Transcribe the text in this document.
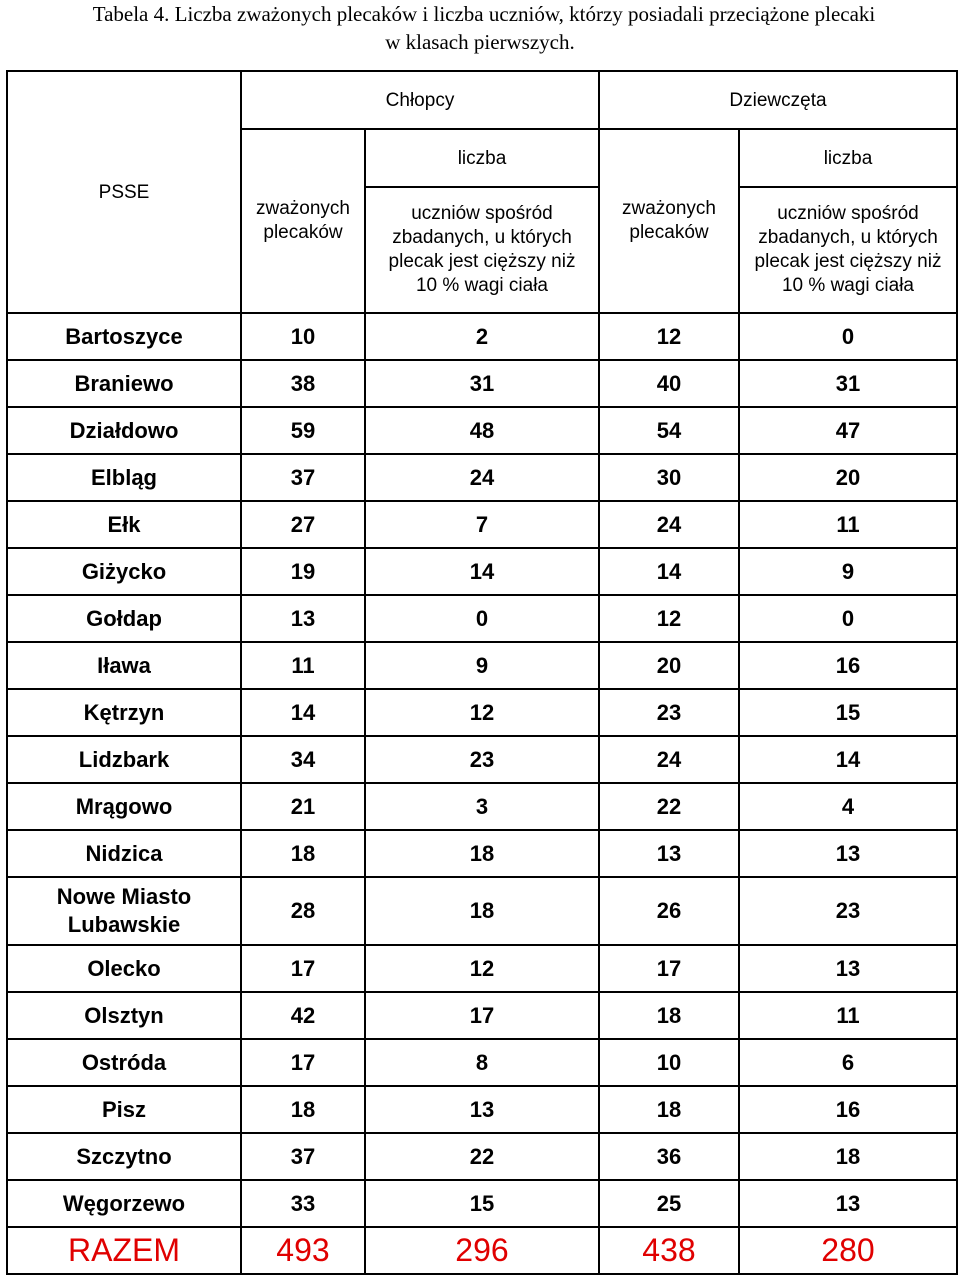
Tabela 4. Liczba zważonych plecaków i liczba uczniów, którzy posiadali przeciążone plecaki
w klasach pierwszych.
PSSE	Chłopcy		Dziewczęta	
	zważonych plecaków	liczba	zważonych plecaków	liczba
		uczniów spośród zbadanych, u których plecak jest cięższy niż 10 % wagi ciała		uczniów spośród zbadanych, u których plecak jest cięższy niż 10 % wagi ciała
Bartoszyce	10	2	12	0
Braniewo	38	31	40	31
Działdowo	59	48	54	47
Elbląg	37	24	30	20
Ełk	27	7	24	11
Giżycko	19	14	14	9
Gołdap	13	0	12	0
Iława	11	9	20	16
Kętrzyn	14	12	23	15
Lidzbark	34	23	24	14
Mrągowo	21	3	22	4
Nidzica	18	18	13	13
Nowe Miasto Lubawskie	28	18	26	23
Olecko	17	12	17	13
Olsztyn	42	17	18	11
Ostróda	17	8	10	6
Pisz	18	13	18	16
Szczytno	37	22	36	18
Węgorzewo	33	15	25	13
RAZEM	493	296	438	280
